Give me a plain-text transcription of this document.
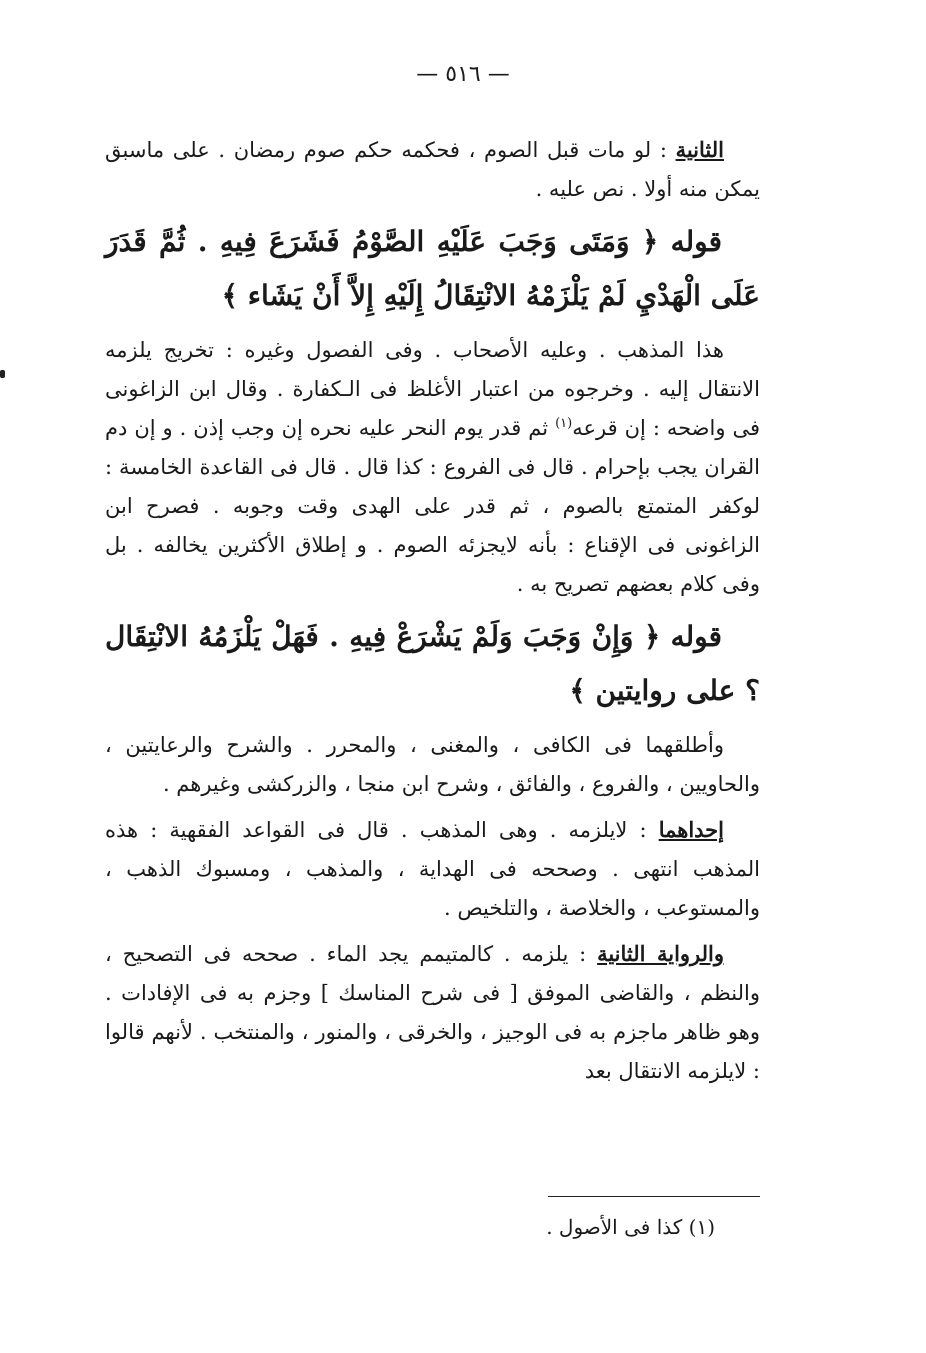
— ٥١٦ —

الثانية : لو مات قبل الصوم ، فحكمه حكم صوم رمضان . على ماسبق يمكن منه أولا . نص عليه .

قوله ﴿ وَمَتَى وَجَبَ عَلَيْهِ الصَّوْمُ فَشَرَعَ فِيهِ . ثُمَّ قَدَرَ عَلَى الْهَدْيِ لَمْ يَلْزَمْهُ الانْتِقَالُ إِلَيْهِ إِلاَّ أَنْ يَشَاء ﴾

هذا المذهب . وعليه الأصحاب . وفى الفصول وغيره : تخريج يلزمه الانتقال إليه . وخرجوه من اعتبار الأغلظ فى الـكفارة . وقال ابن الزاغونى فى واضحه : إن قرعه$^{(١)}$ ثم قدر يوم النحر عليه نحره إن وجب إذن . و إن دم القران يجب بإحرام . قال فى الفروع : كذا قال . قال فى القاعدة الخامسة : لوكفر المتمتع بالصوم ، ثم قدر على الهدى وقت وجوبه . فصرح ابن الزاغونى فى الإقناع : بأنه لايجزئه الصوم . و إطلاق الأكثرين يخالفه . بل وفى كلام بعضهم تصريح به .

قوله ﴿ وَإِنْ وَجَبَ وَلَمْ يَشْرَعْ فِيهِ . فَهَلْ يَلْزَمُهُ الانْتِقَال ؟ على روايتين ﴾

وأطلقهما فى الكافى ، والمغنى ، والمحرر . والشرح والرعايتين ، والحاويين ، والفروع ، والفائق ، وشرح ابن منجا ، والزركشى وغيرهم .

إحداهما : لايلزمه . وهى المذهب . قال فى القواعد الفقهية : هذه المذهب انتهى . وصححه فى الهداية ، والمذهب ، ومسبوك الذهب ، والمستوعب ، والخلاصة ، والتلخيص .

والرواية الثانية : يلزمه . كالمتيمم يجد الماء . صححه فى التصحيح ، والنظم ، والقاضى الموفق [ فى شرح المناسك ] وجزم به فى الإفادات . وهو ظاهر ماجزم به فى الوجيز ، والخرقى ، والمنور ، والمنتخب . لأنهم قالوا : لايلزمه الانتقال بعد

(١) كذا فى الأصول .
